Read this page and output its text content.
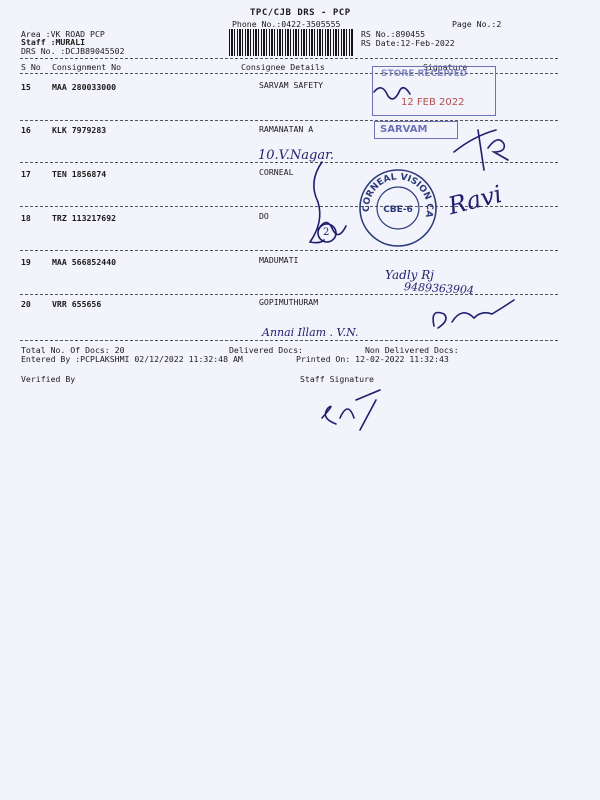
TPC/CJB DRS - PCP
Phone No.:0422-3505555	Page No.:2
Area :VK ROAD PCP
Staff :MURALI
DRS No. :DCJB89045502
RS No.:890455
RS Date:12-Feb-2022
S No Consignment No	Consignee Details	Signature
15	MAA 280033000	SARVAM SAFETY
16	KLK 7979283	RAMANATAN A
17	TEN 1856874	CORNEAL
18	TRZ 113217692	DO
19	MAA 566852440	MADUMATI
20	VRR 655656	GOPIMUTHURAM
Total No. Of Docs: 20	Delivered Docs:	Non Delivered Docs:
Entered By :PCPLAKSHMI 02/12/2022 11:32:48 AM	Printed On: 12-02-2022 11:32:43
Verified By	Staff Signature
STORE RECEIVED
12 FEB 2022
SARVAM
CORNEAL VISION CARE
CBE-6
10.V.Nagar.
2
Ravi
Yadly Rj
9489363904
Annai Illam . V.N.
